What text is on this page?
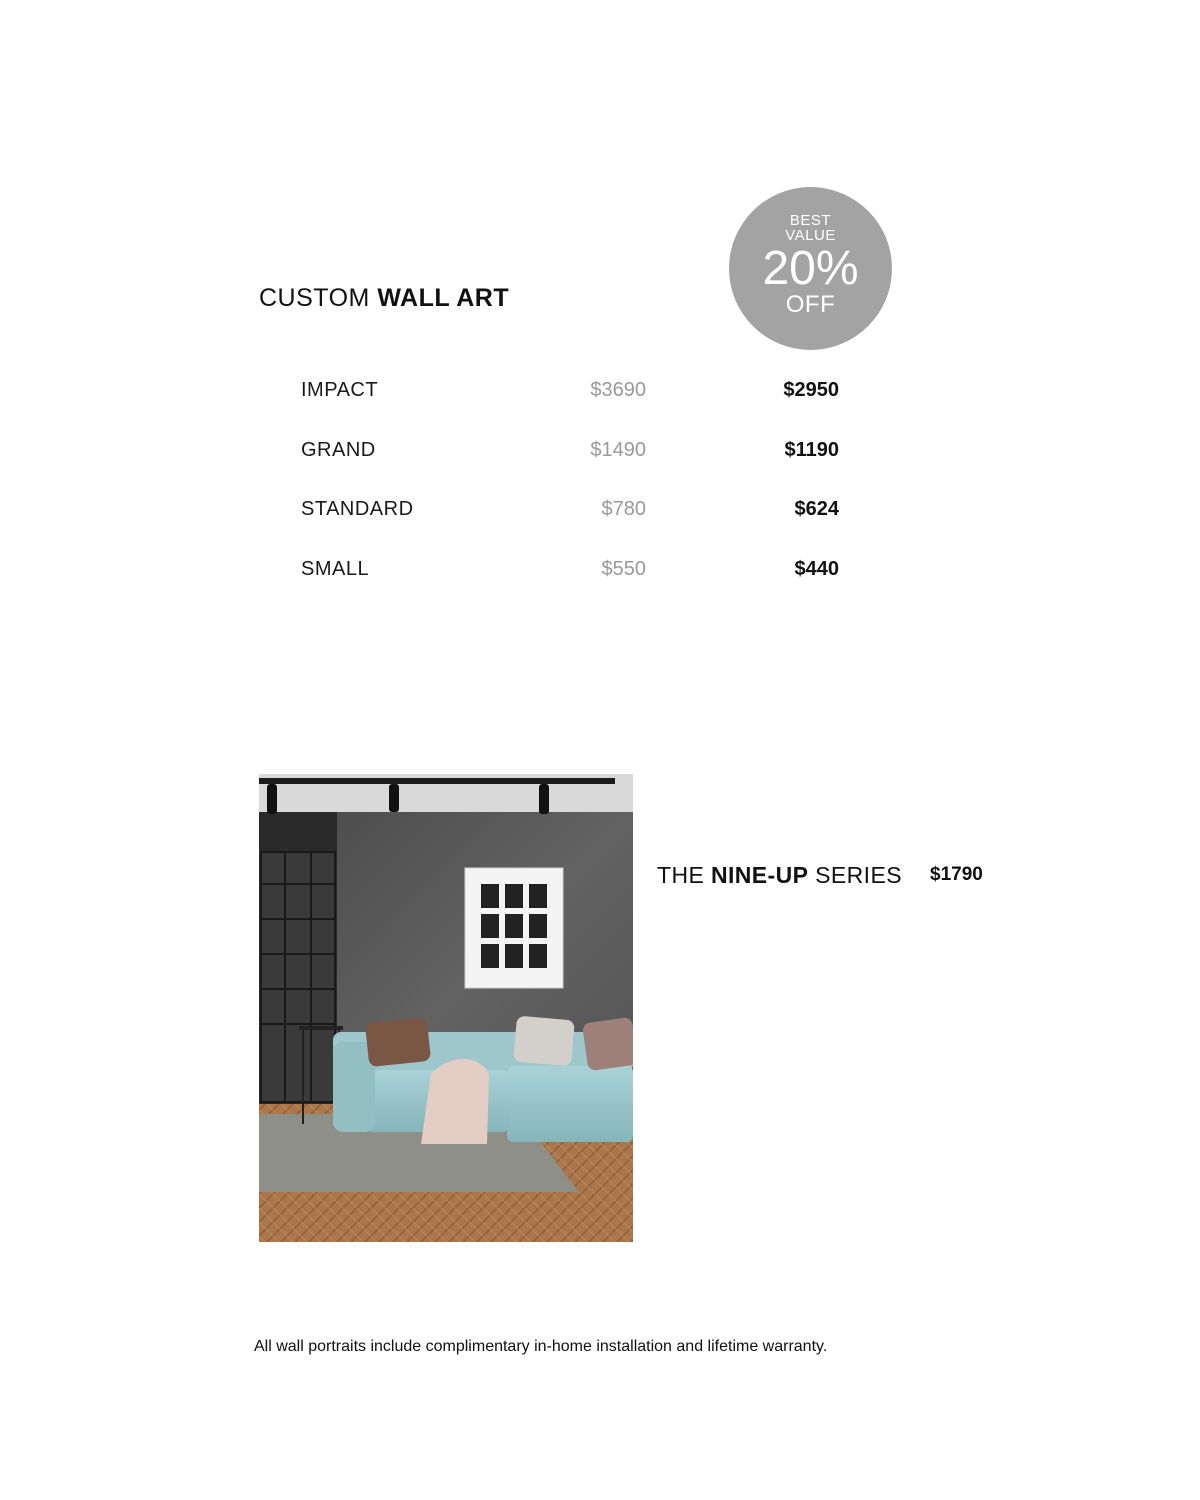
CUSTOM WALL ART
BEST
VALUE
20%
OFF
IMPACT	$3690	$2950
GRAND	$1490	$1190
STANDARD	$780	$624
SMALL	$550	$440
THE NINE-UP SERIES $1790
All wall portraits include complimentary in-home installation and lifetime warranty.
